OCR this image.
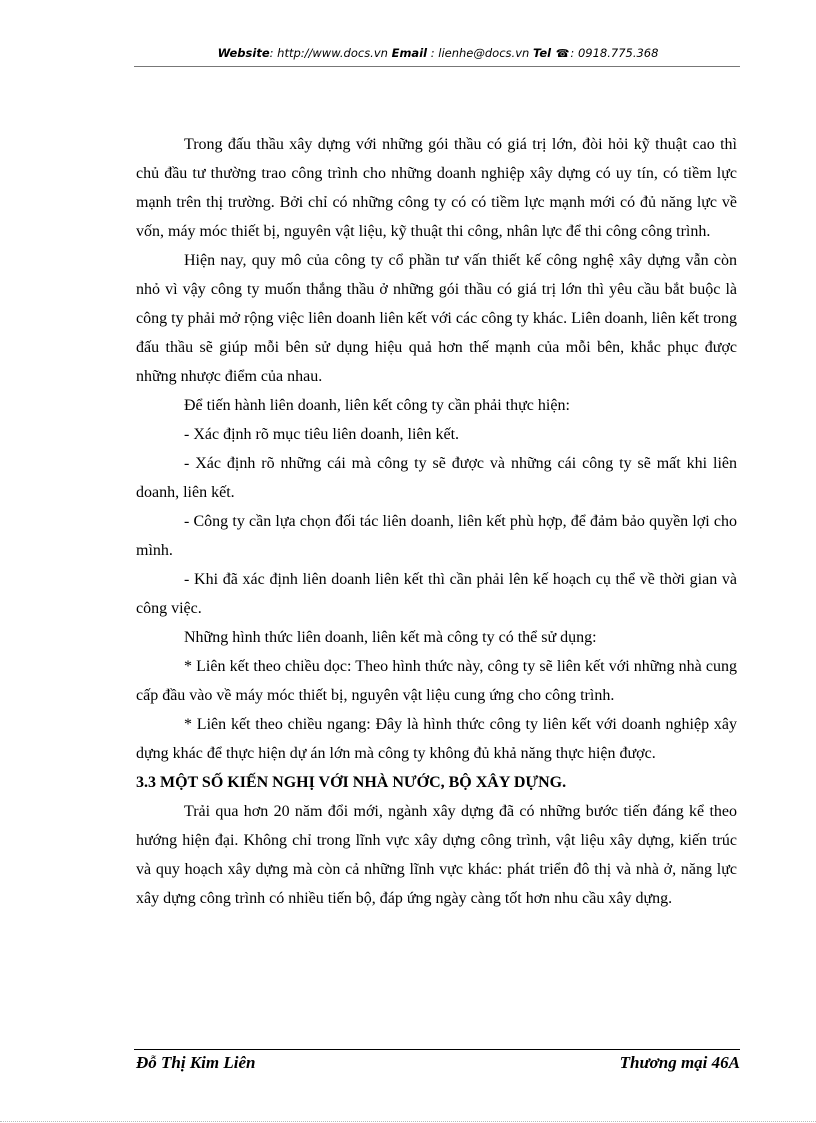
Website: http://www.docs.vn Email : lienhe@docs.vn Tel ☎: 0918.775.368

Trong đấu thầu xây dựng với những gói thầu có giá trị lớn, đòi hỏi kỹ thuật cao thì chủ đầu tư thường trao công trình cho những doanh nghiệp xây dựng có uy tín, có tiềm lực mạnh trên thị trường. Bởi chỉ có những công ty có có tiềm lực mạnh mới có đủ năng lực về vốn, máy móc thiết bị, nguyên vật liệu, kỹ thuật thi công, nhân lực để thi công công trình.

Hiện nay, quy mô của công ty cổ phần tư vấn thiết kế công nghệ xây dựng vẫn còn nhỏ vì vậy công ty muốn thắng thầu ở những gói thầu có giá trị lớn thì yêu cầu bắt buộc là công ty phải mở rộng việc liên doanh liên kết với các công ty khác. Liên doanh, liên kết trong đấu thầu sẽ giúp mỗi bên sử dụng hiệu quả hơn thế mạnh của mỗi bên, khắc phục được những nhược điểm của nhau.

Để tiến hành liên doanh, liên kết công ty cần phải thực hiện:

- Xác định rõ mục tiêu liên doanh, liên kết.

- Xác định rõ những cái mà công ty sẽ được và những cái công ty sẽ mất khi liên doanh, liên kết.

- Công ty cần lựa chọn đối tác liên doanh, liên kết phù hợp, để đảm bảo quyền lợi cho mình.

- Khi đã xác định liên doanh liên kết thì cần phải lên kế hoạch cụ thể về thời gian và công việc.

Những hình thức liên doanh, liên kết mà công ty có thể sử dụng:

* Liên kết theo chiều dọc: Theo hình thức này, công ty sẽ liên kết với những nhà cung cấp đầu vào về máy móc thiết bị, nguyên vật liệu cung ứng cho công trình.

* Liên kết theo chiều ngang: Đây là hình thức công ty liên kết với doanh nghiệp xây dựng khác để thực hiện dự án lớn mà công ty không đủ khả năng thực hiện được.

3.3 MỘT SỐ KIẾN NGHỊ VỚI NHÀ NƯỚC, BỘ XÂY DỰNG.

Trải qua hơn 20 năm đổi mới, ngành xây dựng đã có những bước tiến đáng kể theo hướng hiện đại. Không chỉ trong lĩnh vực xây dựng công trình, vật liệu xây dựng, kiến trúc và quy hoạch xây dựng mà còn cả những lĩnh vực khác: phát triển đô thị và nhà ở, năng lực xây dựng công trình có nhiều tiến bộ, đáp ứng ngày càng tốt hơn nhu cầu xây dựng.

Đỗ Thị Kim Liên	Thương mại 46A
